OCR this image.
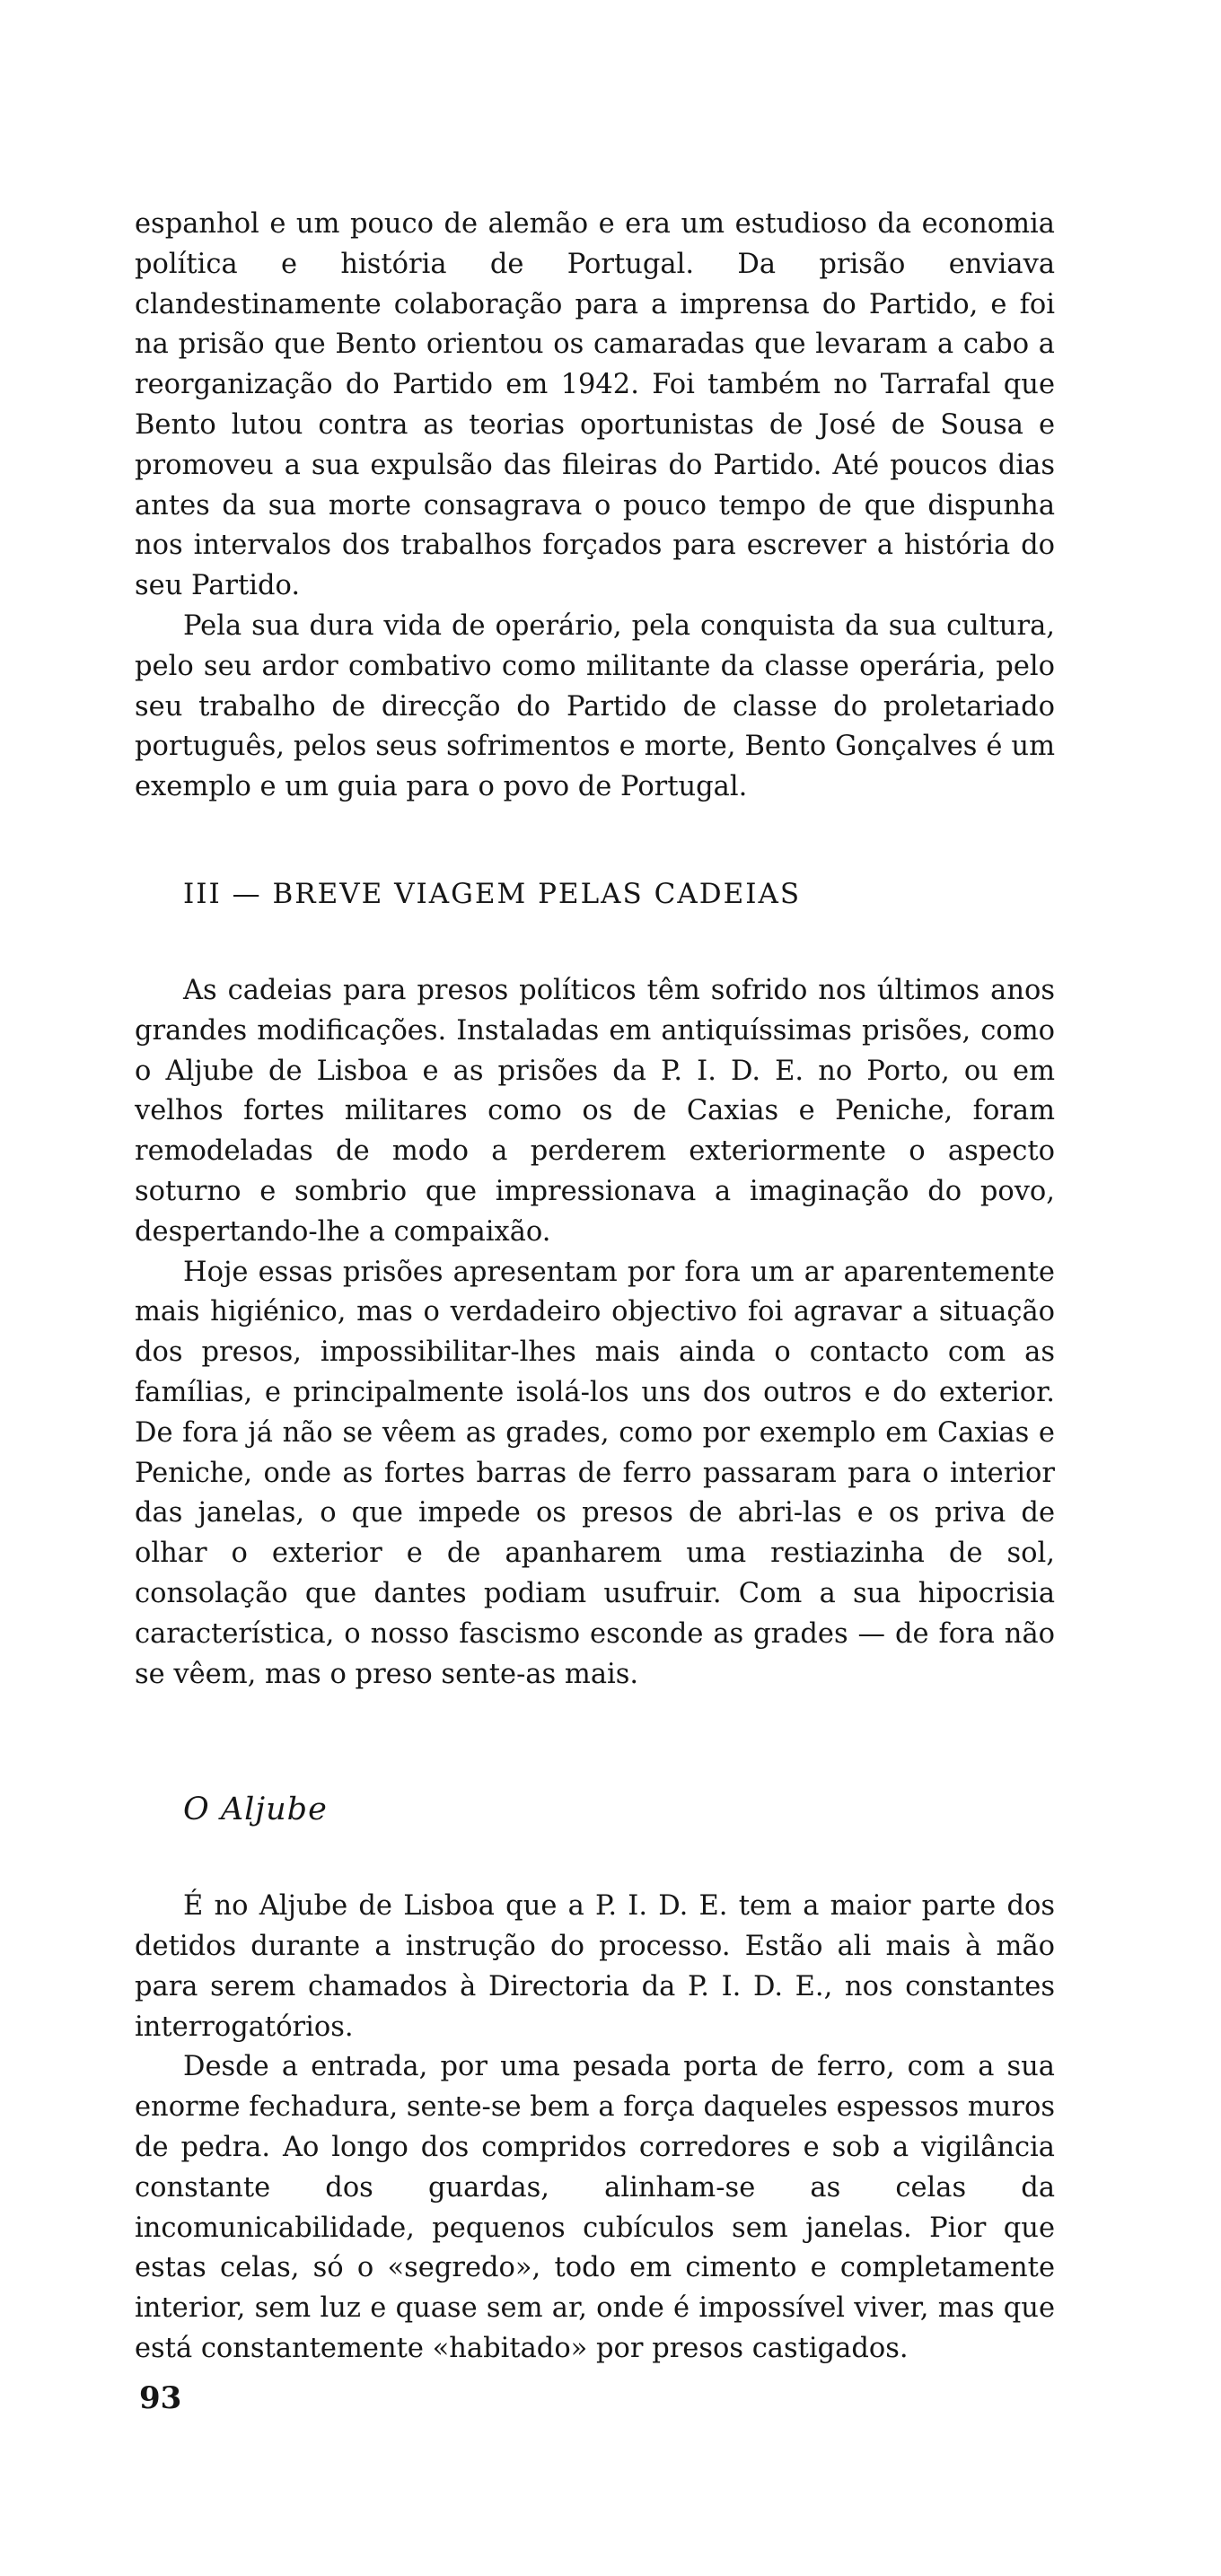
espanhol e um pouco de alemão e era um estudioso da economia política e história de Portugal. Da prisão enviava clandestinamente colaboração para a imprensa do Partido, e foi na prisão que Bento orientou os camaradas que levaram a cabo a reorganização do Partido em 1942. Foi também no Tarrafal que Bento lutou contra as teorias oportunistas de José de Sousa e promoveu a sua expulsão das fileiras do Partido. Até poucos dias antes da sua morte consagrava o pouco tempo de que dispunha nos intervalos dos trabalhos forçados para escrever a história do seu Partido.

Pela sua dura vida de operário, pela conquista da sua cultura, pelo seu ardor combativo como militante da classe operária, pelo seu trabalho de direcção do Partido de classe do proletariado português, pelos seus sofrimentos e morte, Bento Gonçalves é um exemplo e um guia para o povo de Portugal.

III — BREVE VIAGEM PELAS CADEIAS

As cadeias para presos políticos têm sofrido nos últimos anos grandes modificações. Instaladas em antiquíssimas prisões, como o Aljube de Lisboa e as prisões da P. I. D. E. no Porto, ou em velhos fortes militares como os de Caxias e Peniche, foram remodeladas de modo a perderem exteriormente o aspecto soturno e sombrio que impressionava a imaginação do povo, despertando-lhe a compaixão.

Hoje essas prisões apresentam por fora um ar aparentemente mais higiénico, mas o verdadeiro objectivo foi agravar a situação dos presos, impossibilitar-lhes mais ainda o contacto com as famílias, e principalmente isolá-los uns dos outros e do exterior. De fora já não se vêem as grades, como por exemplo em Caxias e Peniche, onde as fortes barras de ferro passaram para o interior das janelas, o que impede os presos de abri-las e os priva de olhar o exterior e de apanharem uma restiazinha de sol, consolação que dantes podiam usufruir. Com a sua hipocrisia característica, o nosso fascismo esconde as grades — de fora não se vêem, mas o preso sente-as mais.

O Aljube

É no Aljube de Lisboa que a P. I. D. E. tem a maior parte dos detidos durante a instrução do processo. Estão ali mais à mão para serem chamados à Directoria da P. I. D. E., nos constantes interrogatórios.

Desde a entrada, por uma pesada porta de ferro, com a sua enorme fechadura, sente-se bem a força daqueles espessos muros de pedra. Ao longo dos compridos corredores e sob a vigilância constante dos guardas, alinham-se as celas da incomunicabilidade, pequenos cubículos sem janelas. Pior que estas celas, só o «segredo», todo em cimento e completamente interior, sem luz e quase sem ar, onde é impossível viver, mas que está constantemente «habitado» por presos castigados.

93
